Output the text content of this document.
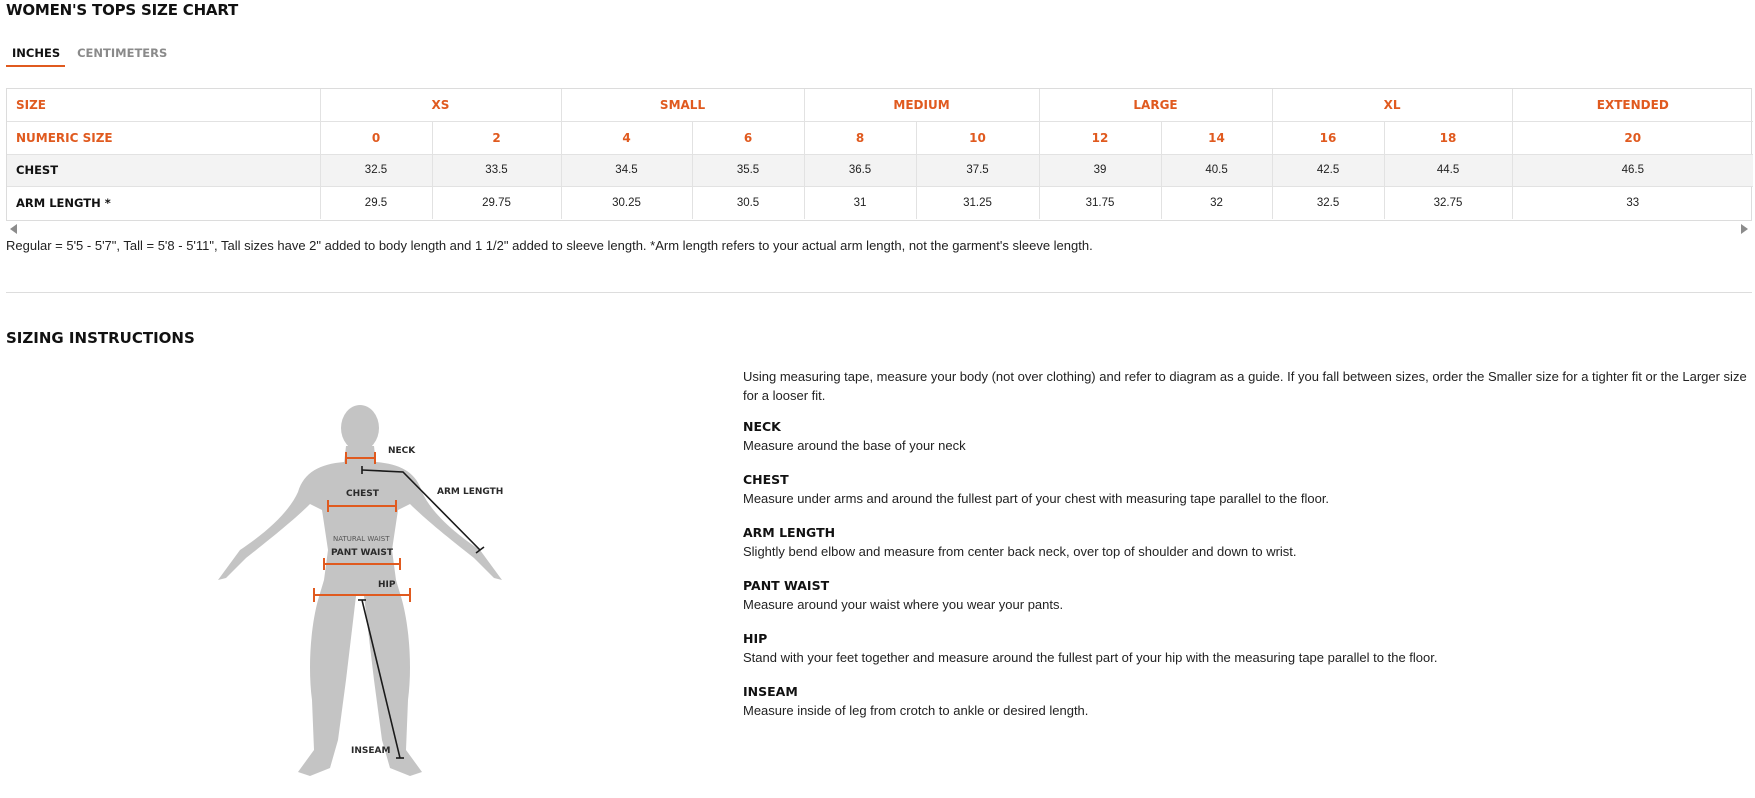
WOMEN'S TOPS SIZE CHART
INCHES	CENTIMETERS
SIZE	XS		SMALL		MEDIUM		LARGE		XL		EXTENDED
NUMERIC SIZE	0	2	4	6	8	10	12	14	16	18	20
CHEST	32.5	33.5	34.5	35.5	36.5	37.5	39	40.5	42.5	44.5	46.5
ARM LENGTH *	29.5	29.75	30.25	30.5	31	31.25	31.75	32	32.5	32.75	33
Regular = 5'5 - 5'7", Tall = 5'8 - 5'11", Tall sizes have 2" added to body length and 1 1/2" added to sleeve length. *Arm length refers to your actual arm length, not the garment's sleeve length.
SIZING INSTRUCTIONS
NECK
ARM LENGTH
CHEST
NATURAL WAIST
PANT WAIST
HIP
INSEAM
Using measuring tape, measure your body (not over clothing) and refer to diagram as a guide. If you fall between sizes, order the Smaller size for a tighter fit or the Larger size for a looser fit.
NECK
Measure around the base of your neck
CHEST
Measure under arms and around the fullest part of your chest with measuring tape parallel to the floor.
ARM LENGTH
Slightly bend elbow and measure from center back neck, over top of shoulder and down to wrist.
PANT WAIST
Measure around your waist where you wear your pants.
HIP
Stand with your feet together and measure around the fullest part of your hip with the measuring tape parallel to the floor.
INSEAM
Measure inside of leg from crotch to ankle or desired length.
